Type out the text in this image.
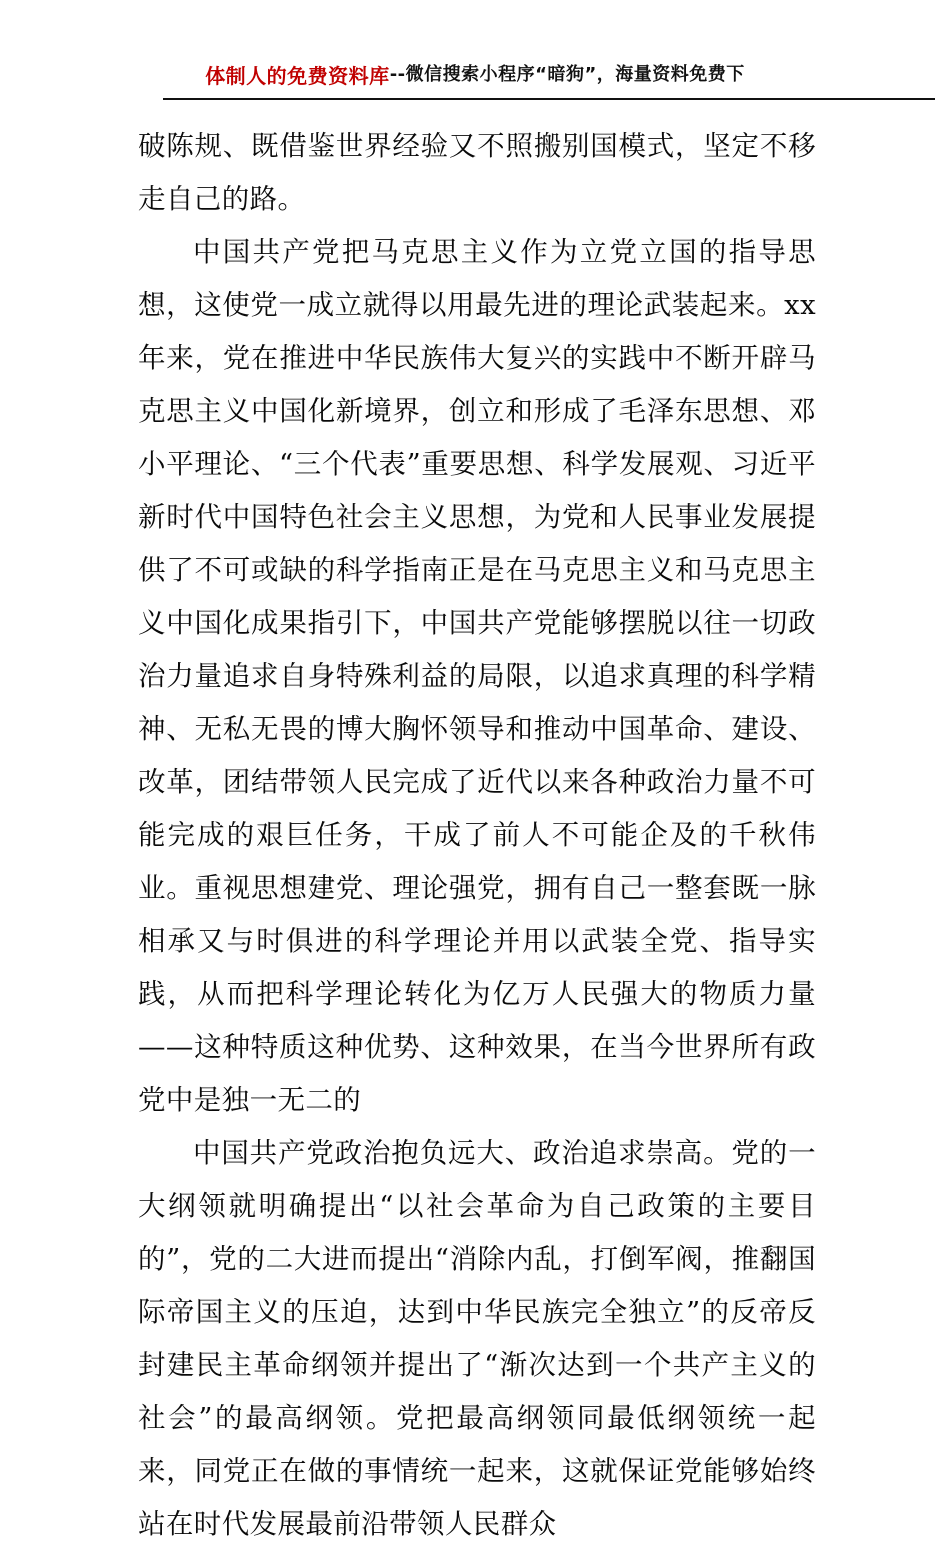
体制人的免费资料库 --微信搜索小程序“暗狗”，海量资料免费下

破陈规、既借鉴世界经验又不照搬别国模式，坚定不移走自己的路。

中国共产党把马克思主义作为立党立国的指导思想，这使党一成立就得以用最先进的理论武装起来。xx 年来，党在推进中华民族伟大复兴的实践中不断开辟马克思主义中国化新境界，创立和形成了毛泽东思想、邓小平理论、“三个代表”重要思想、科学发展观、习近平新时代中国特色社会主义思想，为党和人民事业发展提供了不可或缺的科学指南正是在马克思主义和马克思主义中国化成果指引下，中国共产党能够摆脱以往一切政治力量追求自身特殊利益的局限，以追求真理的科学精神、无私无畏的博大胸怀领导和推动中国革命、建设、改革，团结带领人民完成了近代以来各种政治力量不可能完成的艰巨任务，干成了前人不可能企及的千秋伟业。重视思想建党、理论强党，拥有自己一整套既一脉相承又与时俱进的科学理论并用以武装全党、指导实践，从而把科学理论转化为亿万人民强大的物质力量——这种特质这种优势、这种效果，在当今世界所有政党中是独一无二的

中国共产党政治抱负远大、政治追求崇高。党的一大纲领就明确提出“以社会革命为自己政策的主要目的”，党的二大进而提出“消除内乱，打倒军阀，推翻国际帝国主义的压迫，达到中华民族完全独立”的反帝反封建民主革命纲领并提出了“渐次达到一个共产主义的社会”的最高纲领。党把最高纲领同最低纲领统一起来，同党正在做的事情统一起来，这就保证党能够始终站在时代发展最前沿带领人民群众
